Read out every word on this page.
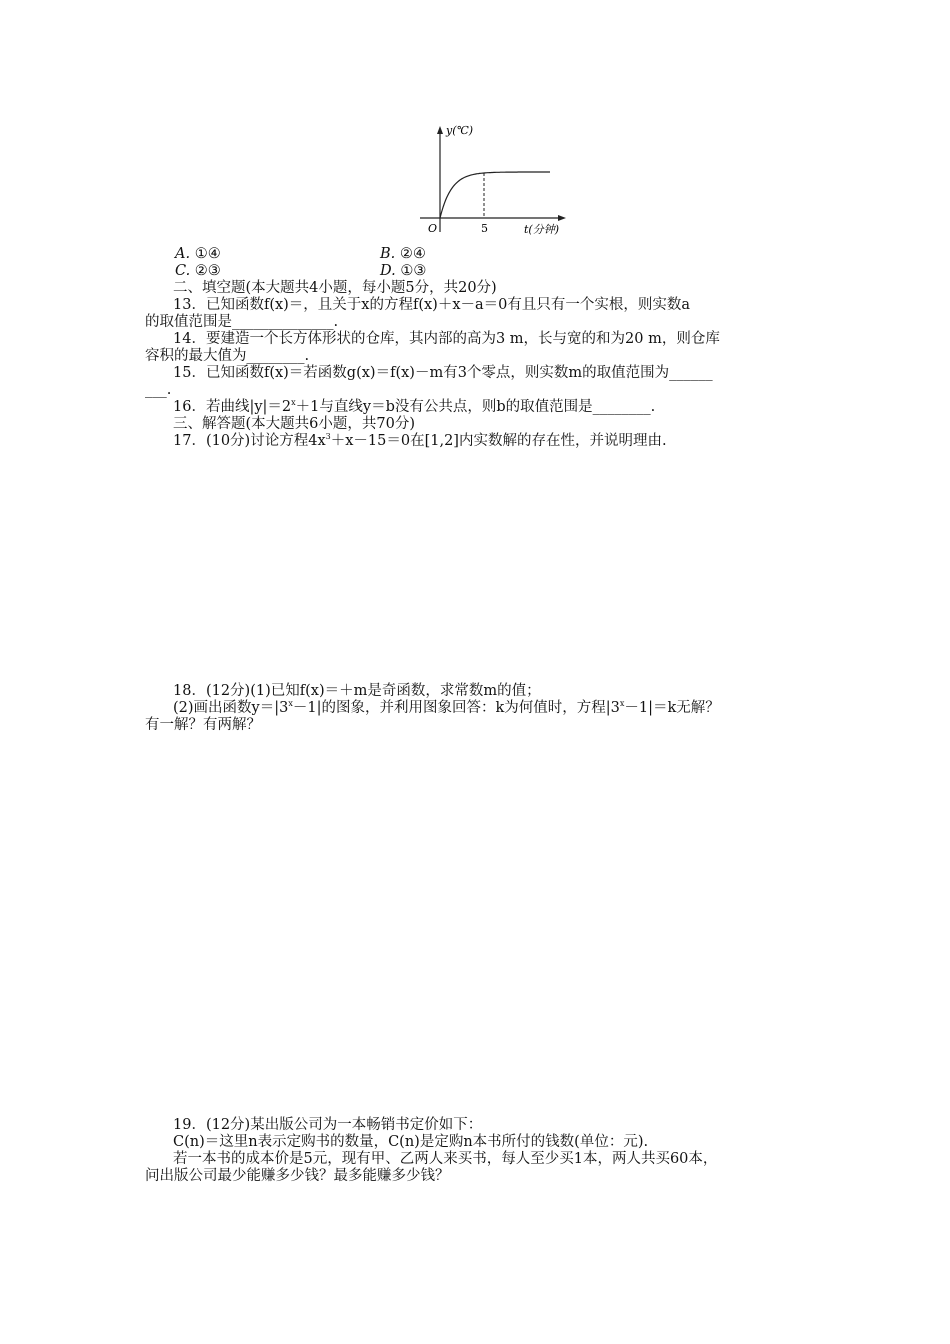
y(℃)
t(分钟)
O	5
A. ①④	B. ②④
C. ②③	D. ①③
二、填空题(本大题共4小题，每小题5分，共20分)
13．已知函数f(x)＝，且关于x的方程f(x)＋x－a＝0有且只有一个实根，则实数a
的取值范围是______________.
14．要建造一个长方体形状的仓库，其内部的高为3 m，长与宽的和为20 m，则仓库
容积的最大值为________.
15．已知函数f(x)＝若函数g(x)＝f(x)－m有3个零点，则实数m的取值范围为______
___.
16．若曲线$|y|=2^x+1$与直线y＝b没有公共点，则b的取值范围是________.
三、解答题(本大题共6小题，共70分)
17．(10分)讨论方程$4x^3+x-15=0$在[1,2]内实数解的存在性，并说明理由.
18．(12分)(1)已知f(x)＝＋m是奇函数，求常数m的值；
(2)画出函数$y=|3^x-1|$的图象，并利用图象回答：k为何值时，方程$|3^x-1|=k$无解？
有一解？有两解？
19．(12分)某出版公司为一本畅销书定价如下：
C(n)＝这里n表示定购书的数量，C(n)是定购n本书所付的钱数(单位：元).
若一本书的成本价是5元，现有甲、乙两人来买书，每人至少买1本，两人共买60本，
问出版公司最少能赚多少钱？最多能赚多少钱？
